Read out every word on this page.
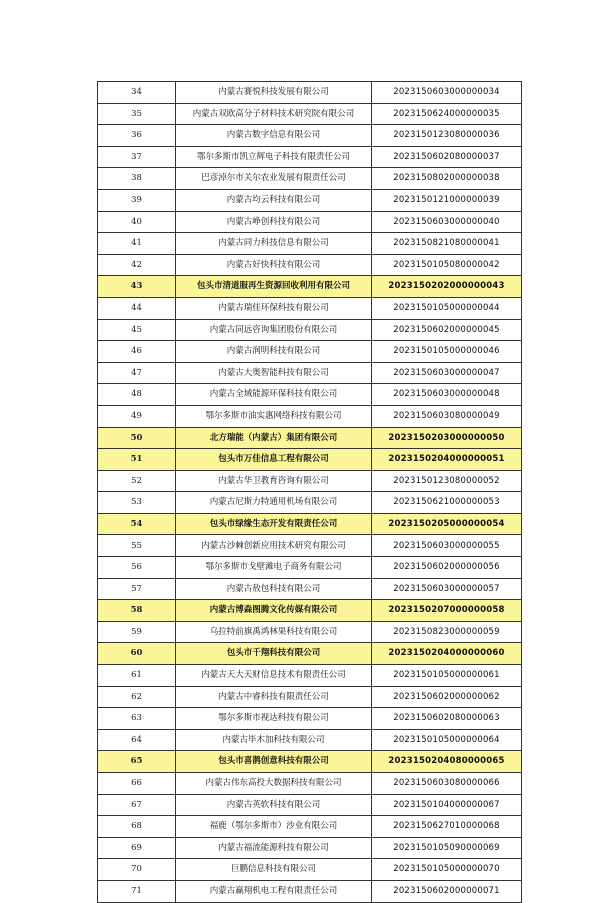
34	内蒙古赛悦科技发展有限公司	2023150603000000034
35	内蒙古双欧高分子材料技术研究院有限公司	2023150624000000035
36	内蒙古数字信息有限公司	2023150123080000036
37	鄂尔多斯市凯立辉电子科技有限责任公司	2023150602080000037
38	巴彦淖尔市关尔农业发展有限责任公司	2023150802000000038
39	内蒙古均云科技有限公司	2023150121000000039
40	内蒙古峥创科技有限公司	2023150603000000040
41	内蒙古同力科技信息有限公司	2023150821080000041
42	内蒙古好快科技有限公司	2023150105080000042
43	包头市清道服再生资源回收利用有限公司	2023150202000000043
44	内蒙古瑞佳环保科技有限公司	2023150105000000044
45	内蒙古同远咨询集团股份有限公司	2023150602000000045
46	内蒙古润明科技有限公司	2023150105000000046
47	内蒙古大奥智能科技有限公司	2023150603000000047
48	内蒙古全域能源环保科技有限公司	2023150603000000048
49	鄂尔多斯市油实惠网络科技有限公司	2023150603080000049
50	北方瑞能（内蒙古）集团有限公司	2023150203000000050
51	包头市万佳信息工程有限公司	2023150204000000051
52	内蒙古华卫教育咨询有限公司	2023150123080000052
53	内蒙古尼斯力特通用机场有限公司	2023150621000000053
54	包头市绿缘生态开发有限责任公司	2023150205000000054
55	内蒙古沙棘创新应用技术研究有限公司	2023150603000000055
56	鄂尔多斯市戈壁滩电子商务有限公司	2023150602000000056
57	内蒙古敖包科技有限公司	2023150603000000057
58	内蒙古博森图腾文化传媒有限公司	2023150207000000058
59	乌拉特前旗禹鸿林果科技有限公司	2023150823000000059
60	包头市千翔科技有限公司	2023150204000000060
61	内蒙古天大天财信息技术有限责任公司	2023150105000000061
62	内蒙古中睿科技有限责任公司	2023150602000000062
63	鄂尔多斯市视达科技有限公司	2023150602080000063
64	内蒙古毕木加科技有限公司	2023150105000000064
65	包头市喜鹊创意科技有限公司	2023150204080000065
66	内蒙古伟东高投大数据科技有限公司	2023150603080000066
67	内蒙古英软科技有限公司	2023150104000000067
68	福鹿（鄂尔多斯市）沙业有限公司	2023150627010000068
69	内蒙古福流能源科技有限公司	2023150105090000069
70	巨鹏信息科技有限公司	2023150105000000070
71	内蒙古赢翔机电工程有限责任公司	2023150602000000071
